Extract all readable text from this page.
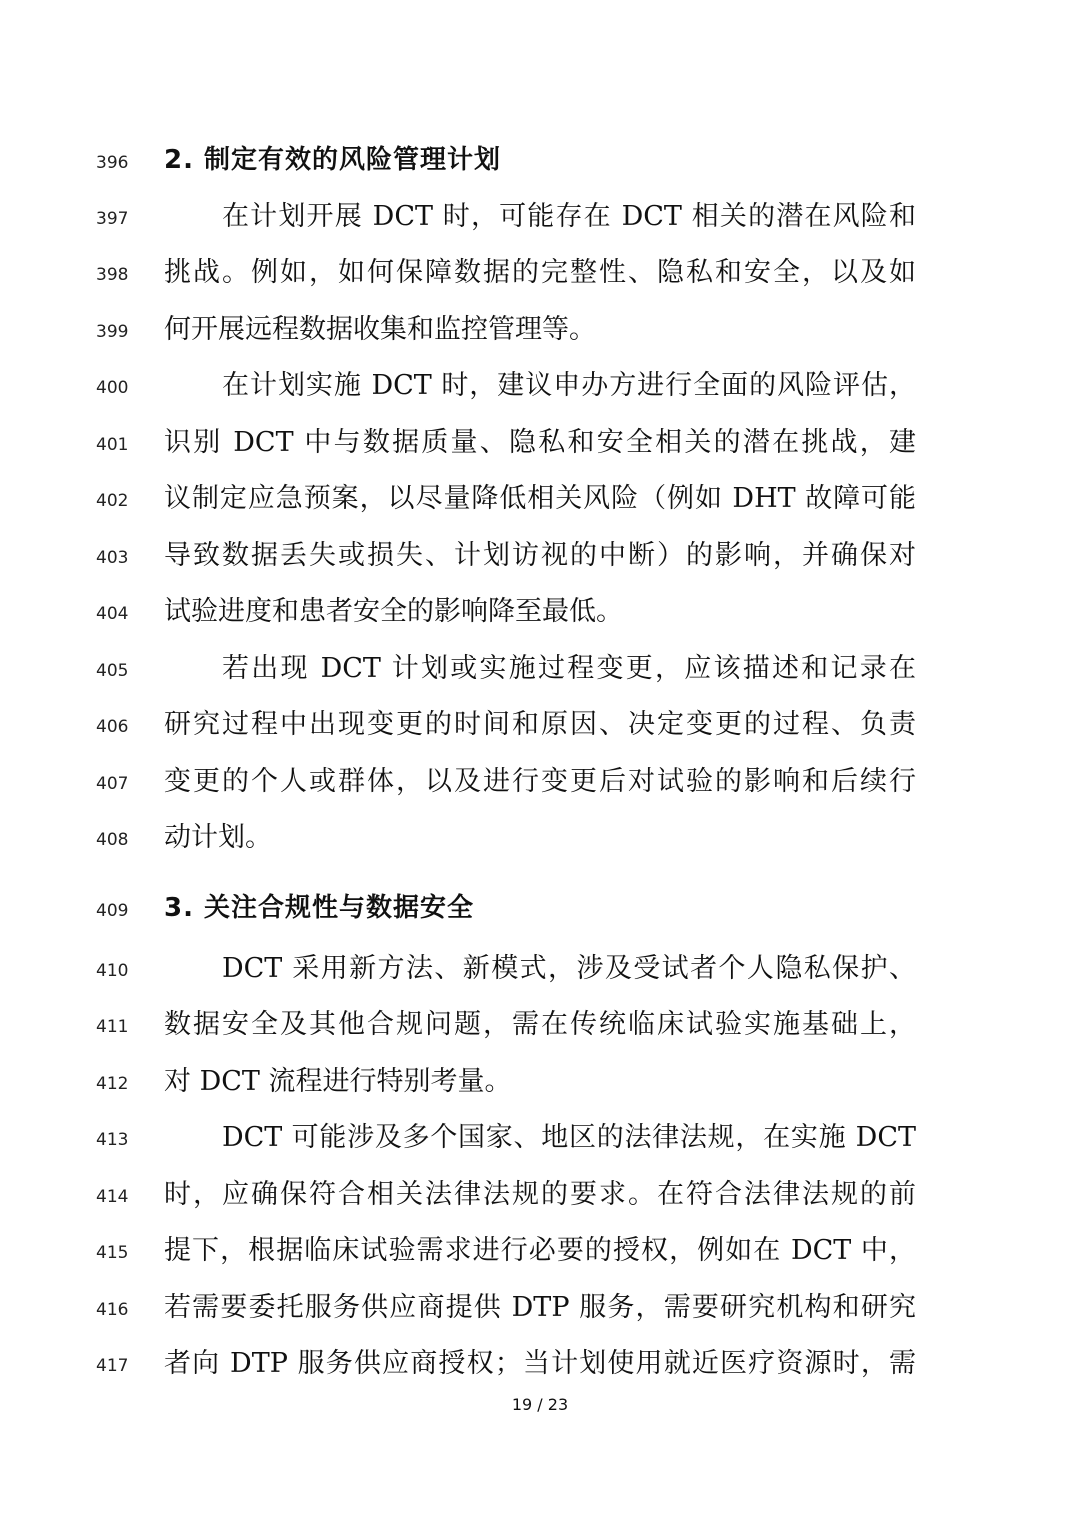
396 2. 制定有效的风险管理计划
397	在计划开展 DCT 时，可能存在 DCT 相关的潜在风险和
398 挑战。例如，如何保障数据的完整性、隐私和安全，以及如
399 何开展远程数据收集和监控管理等。
400	在计划实施 DCT 时，建议申办方进行全面的风险评估，
401 识别 DCT 中与数据质量、隐私和安全相关的潜在挑战，建
402 议制定应急预案，以尽量降低相关风险（例如 DHT 故障可能
403 导致数据丢失或损失、计划访视的中断）的影响，并确保对
404 试验进度和患者安全的影响降至最低。
405	若出现 DCT 计划或实施过程变更，应该描述和记录在
406 研究过程中出现变更的时间和原因、决定变更的过程、负责
407 变更的个人或群体，以及进行变更后对试验的影响和后续行
408 动计划。
409 3. 关注合规性与数据安全
410	DCT 采用新方法、新模式，涉及受试者个人隐私保护、
411 数据安全及其他合规问题，需在传统临床试验实施基础上，
412 对 DCT 流程进行特别考量。
413	DCT 可能涉及多个国家、地区的法律法规，在实施 DCT
414 时，应确保符合相关法律法规的要求。在符合法律法规的前
415 提下，根据临床试验需求进行必要的授权，例如在 DCT 中，
416 若需要委托服务供应商提供 DTP 服务，需要研究机构和研究
417 者向 DTP 服务供应商授权；当计划使用就近医疗资源时，需
19 / 23
